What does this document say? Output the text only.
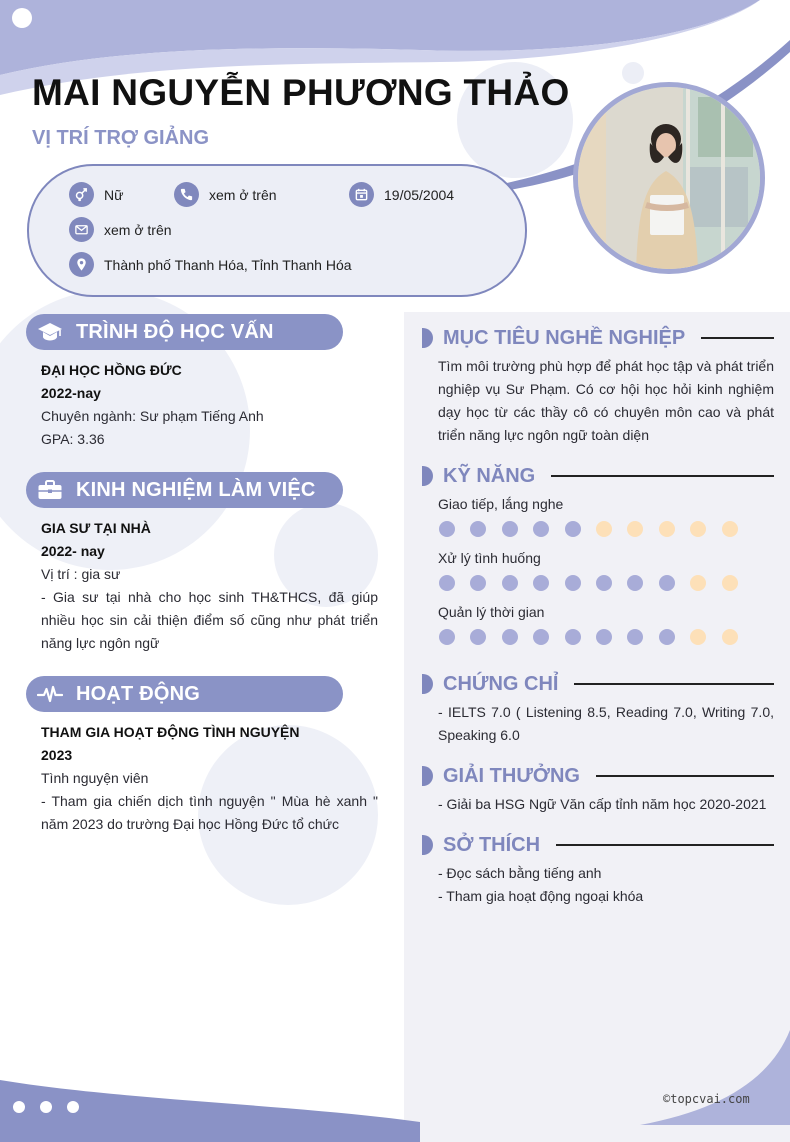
MAI NGUYỄN PHƯƠNG THẢO
VỊ TRÍ TRỢ GIẢNG
Nữ	xem ở trên	19/05/2004
xem ở trên
Thành phố Thanh Hóa, Tỉnh Thanh Hóa
TRÌNH ĐỘ HỌC VẤN
ĐẠI HỌC HỒNG ĐỨC
2022-nay
Chuyên ngành: Sư phạm Tiếng Anh
GPA: 3.36
KINH NGHIỆM LÀM VIỆC
GIA SƯ TẠI NHÀ
2022- nay
Vị trí : gia sư
- Gia sư tại nhà cho học sinh TH&THCS, đã giúp nhiều học sin cải thiện điểm số cũng như phát triển năng lực ngôn ngữ
HOẠT ĐỘNG
THAM GIA HOẠT ĐỘNG TÌNH NGUYỆN
2023
Tình nguyện viên
- Tham gia chiến dịch tình nguyện " Mùa hè xanh " năm 2023 do trường Đại học Hồng Đức tổ chức
MỤC TIÊU NGHỀ NGHIỆP
Tìm môi trường phù hợp để phát học tập và phát triển nghiệp vụ Sư Phạm. Có cơ hội học hỏi kinh nghiệm dạy học từ các thầy cô có chuyên môn cao và phát triển năng lực ngôn ngữ toàn diện
KỸ NĂNG
Giao tiếp, lắng nghe
Xử lý tình huống
Quản lý thời gian
CHỨNG CHỈ
- IELTS 7.0 ( Listening 8.5, Reading 7.0, Writing 7.0, Speaking 6.0
GIẢI THƯỞNG
- Giải ba HSG Ngữ Văn cấp tỉnh năm học 2020-2021
SỞ THÍCH
- Đọc sách bằng tiếng anh
- Tham gia hoạt động ngoại khóa
©topcvai.com
